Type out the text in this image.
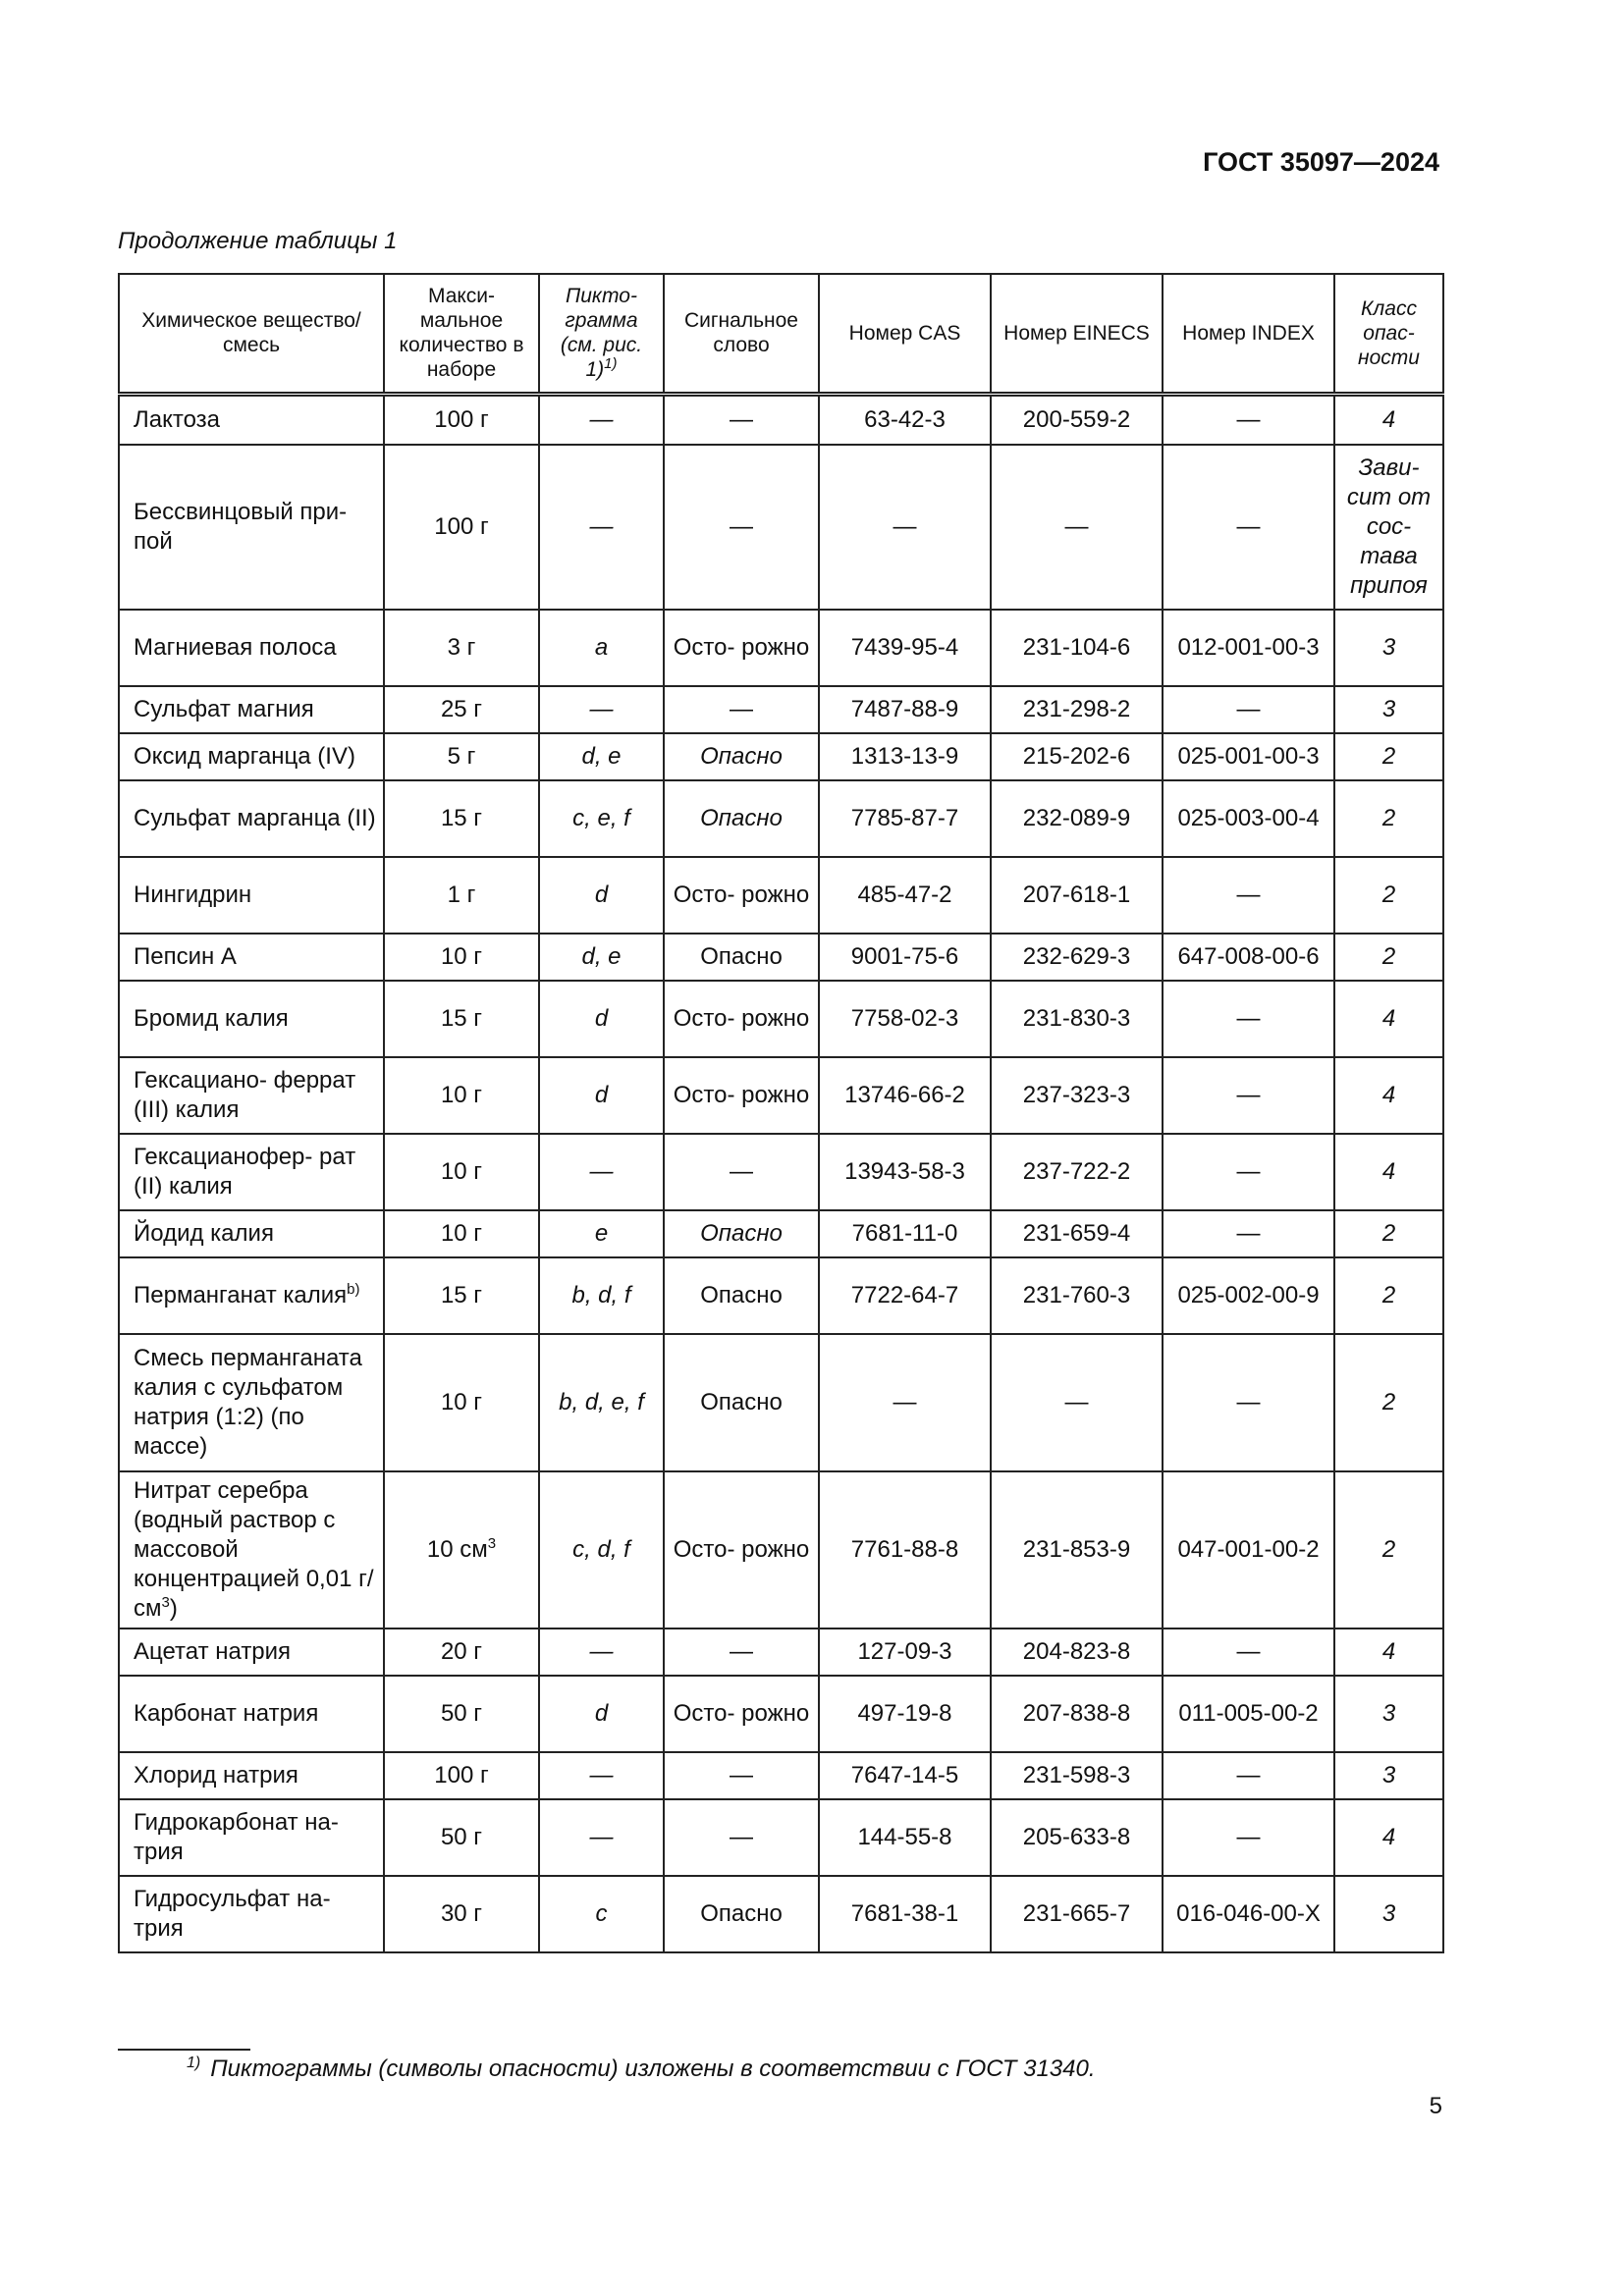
ГОСТ 35097—2024
Продолжение таблицы 1
Химическое вещество/ смесь	Макси- мальное количество в наборе	Пикто- грамма (см. рис. 1)$^{1)}$	Сигнальное слово	Номер CAS	Номер EINECS	Номер INDEX	Класс опас- ности
Лактоза	100 г	—	—	63-42-3	200-559-2	—	4
Бессвинцовый при- пой	100 г	—	—	—	—	—	Зави- сит от сос- тава припоя
Магниевая полоса	3 г	a	Осто- рожно	7439-95-4	231-104-6	012-001-00-3	3
Сульфат магния	25 г	—	—	7487-88-9	231-298-2	—	3
Оксид марганца (IV)	5 г	d, e	Опасно	1313-13-9	215-202-6	025-001-00-3	2
Сульфат марганца (II)	15 г	c, e, f	Опасно	7785-87-7	232-089-9	025-003-00-4	2
Нингидрин	1 г	d	Осто- рожно	485-47-2	207-618-1	—	2
Пепсин А	10 г	d, e	Опасно	9001-75-6	232-629-3	647-008-00-6	2
Бромид калия	15 г	d	Осто- рожно	7758-02-3	231-830-3	—	4
Гексациано- феррат (III) калия	10 г	d	Осто- рожно	13746-66-2	237-323-3	—	4
Гексацианофер- рат (II) калия	10 г	—	—	13943-58-3	237-722-2	—	4
Йодид калия	10 г	e	Опасно	7681-11-0	231-659-4	—	2
Перманганат калия$^{b)}$	15 г	b, d, f	Опасно	7722-64-7	231-760-3	025-002-00-9	2
Смесь перманганата калия с сульфатом натрия (1:2) (по массе)	10 г	b, d, e, f	Опасно	—	—	—	2
Нитрат серебра (водный раствор с массовой концентрацией 0,01 $г/см^3$)	10 $см^3$	c, d, f	Осто- рожно	7761-88-8	231-853-9	047-001-00-2	2
Ацетат натрия	20 г	—	—	127-09-3	204-823-8	—	4
Карбонат натрия	50 г	d	Осто- рожно	497-19-8	207-838-8	011-005-00-2	3
Хлорид натрия	100 г	—	—	7647-14-5	231-598-3	—	3
Гидрокарбонат на- трия	50 г	—	—	144-55-8	205-633-8	—	4
Гидросульфат на- трия	30 г	c	Опасно	7681-38-1	231-665-7	016-046-00-X	3
$^{1)}$ Пиктограммы (символы опасности) изложены в соответствии с ГОСТ 31340.
5
